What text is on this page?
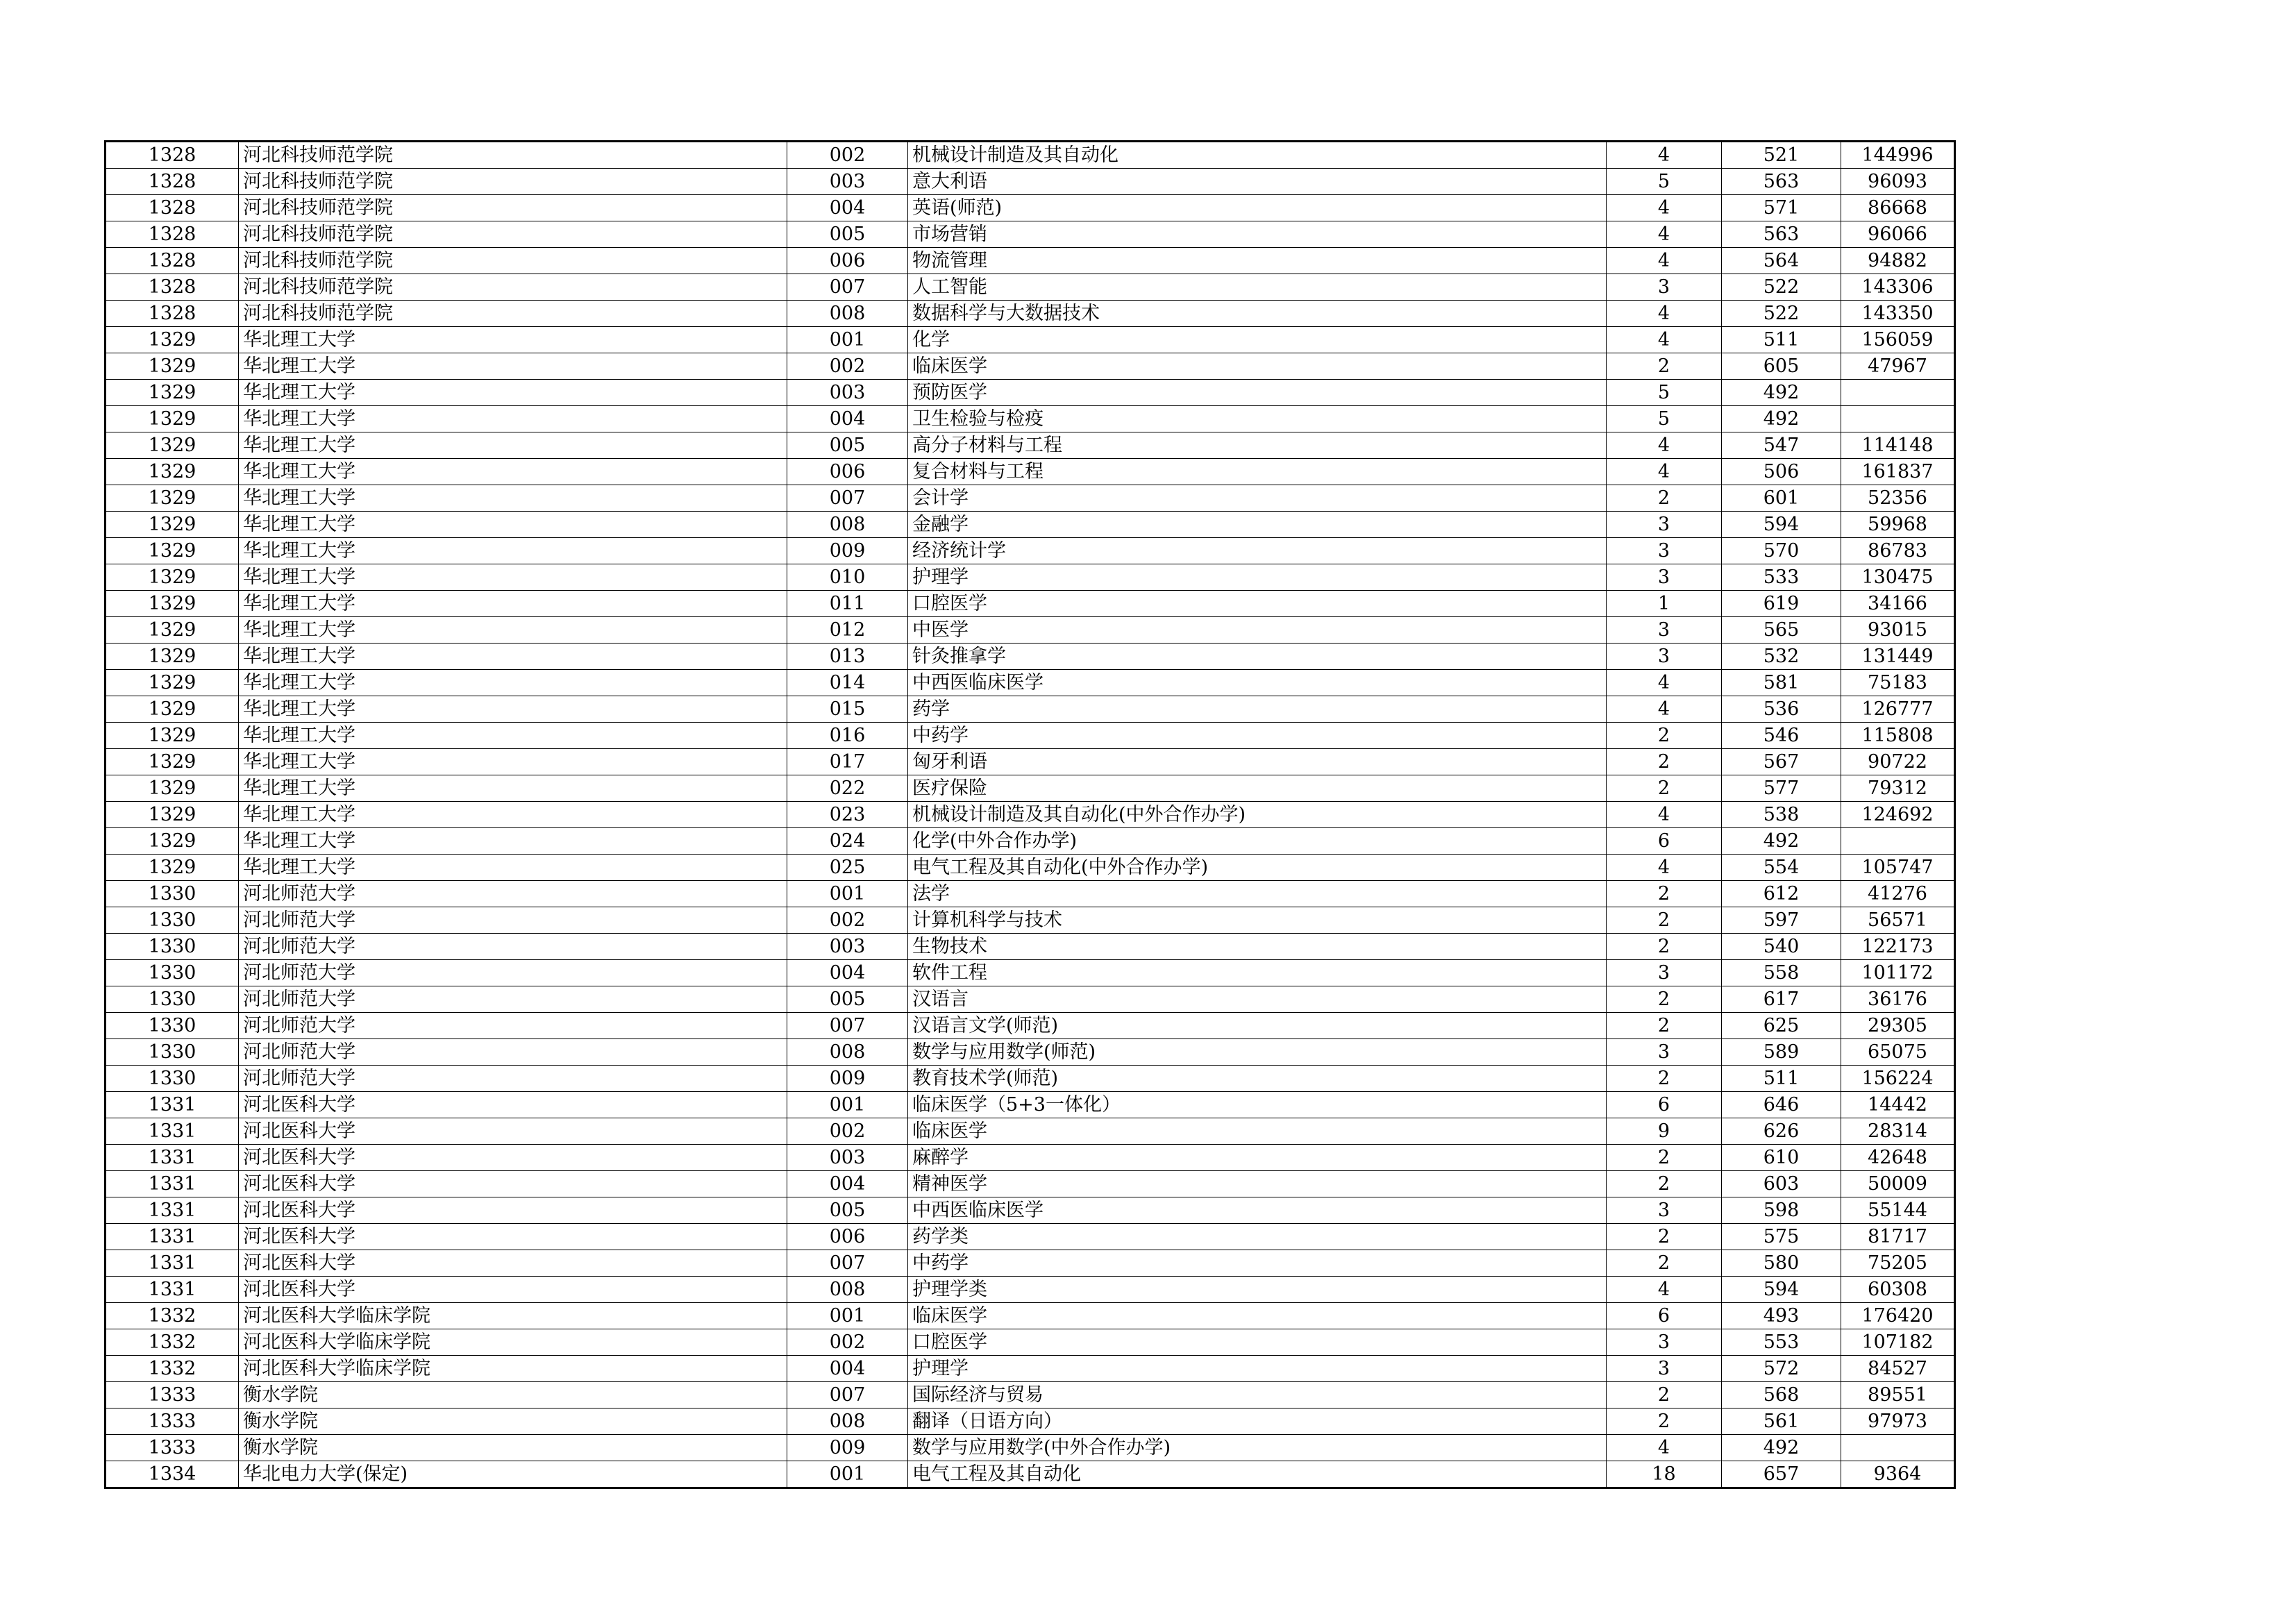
1328	河北科技师范学院	002	机械设计制造及其自动化	4	521	144996
1328	河北科技师范学院	003	意大利语	5	563	96093
1328	河北科技师范学院	004	英语(师范)	4	571	86668
1328	河北科技师范学院	005	市场营销	4	563	96066
1328	河北科技师范学院	006	物流管理	4	564	94882
1328	河北科技师范学院	007	人工智能	3	522	143306
1328	河北科技师范学院	008	数据科学与大数据技术	4	522	143350
1329	华北理工大学	001	化学	4	511	156059
1329	华北理工大学	002	临床医学	2	605	47967
1329	华北理工大学	003	预防医学	5	492	
1329	华北理工大学	004	卫生检验与检疫	5	492	
1329	华北理工大学	005	高分子材料与工程	4	547	114148
1329	华北理工大学	006	复合材料与工程	4	506	161837
1329	华北理工大学	007	会计学	2	601	52356
1329	华北理工大学	008	金融学	3	594	59968
1329	华北理工大学	009	经济统计学	3	570	86783
1329	华北理工大学	010	护理学	3	533	130475
1329	华北理工大学	011	口腔医学	1	619	34166
1329	华北理工大学	012	中医学	3	565	93015
1329	华北理工大学	013	针灸推拿学	3	532	131449
1329	华北理工大学	014	中西医临床医学	4	581	75183
1329	华北理工大学	015	药学	4	536	126777
1329	华北理工大学	016	中药学	2	546	115808
1329	华北理工大学	017	匈牙利语	2	567	90722
1329	华北理工大学	022	医疗保险	2	577	79312
1329	华北理工大学	023	机械设计制造及其自动化(中外合作办学)	4	538	124692
1329	华北理工大学	024	化学(中外合作办学)	6	492	
1329	华北理工大学	025	电气工程及其自动化(中外合作办学)	4	554	105747
1330	河北师范大学	001	法学	2	612	41276
1330	河北师范大学	002	计算机科学与技术	2	597	56571
1330	河北师范大学	003	生物技术	2	540	122173
1330	河北师范大学	004	软件工程	3	558	101172
1330	河北师范大学	005	汉语言	2	617	36176
1330	河北师范大学	007	汉语言文学(师范)	2	625	29305
1330	河北师范大学	008	数学与应用数学(师范)	3	589	65075
1330	河北师范大学	009	教育技术学(师范)	2	511	156224
1331	河北医科大学	001	临床医学（5+3一体化）	6	646	14442
1331	河北医科大学	002	临床医学	9	626	28314
1331	河北医科大学	003	麻醉学	2	610	42648
1331	河北医科大学	004	精神医学	2	603	50009
1331	河北医科大学	005	中西医临床医学	3	598	55144
1331	河北医科大学	006	药学类	2	575	81717
1331	河北医科大学	007	中药学	2	580	75205
1331	河北医科大学	008	护理学类	4	594	60308
1332	河北医科大学临床学院	001	临床医学	6	493	176420
1332	河北医科大学临床学院	002	口腔医学	3	553	107182
1332	河北医科大学临床学院	004	护理学	3	572	84527
1333	衡水学院	007	国际经济与贸易	2	568	89551
1333	衡水学院	008	翻译（日语方向）	2	561	97973
1333	衡水学院	009	数学与应用数学(中外合作办学)	4	492	
1334	华北电力大学(保定)	001	电气工程及其自动化	18	657	9364
